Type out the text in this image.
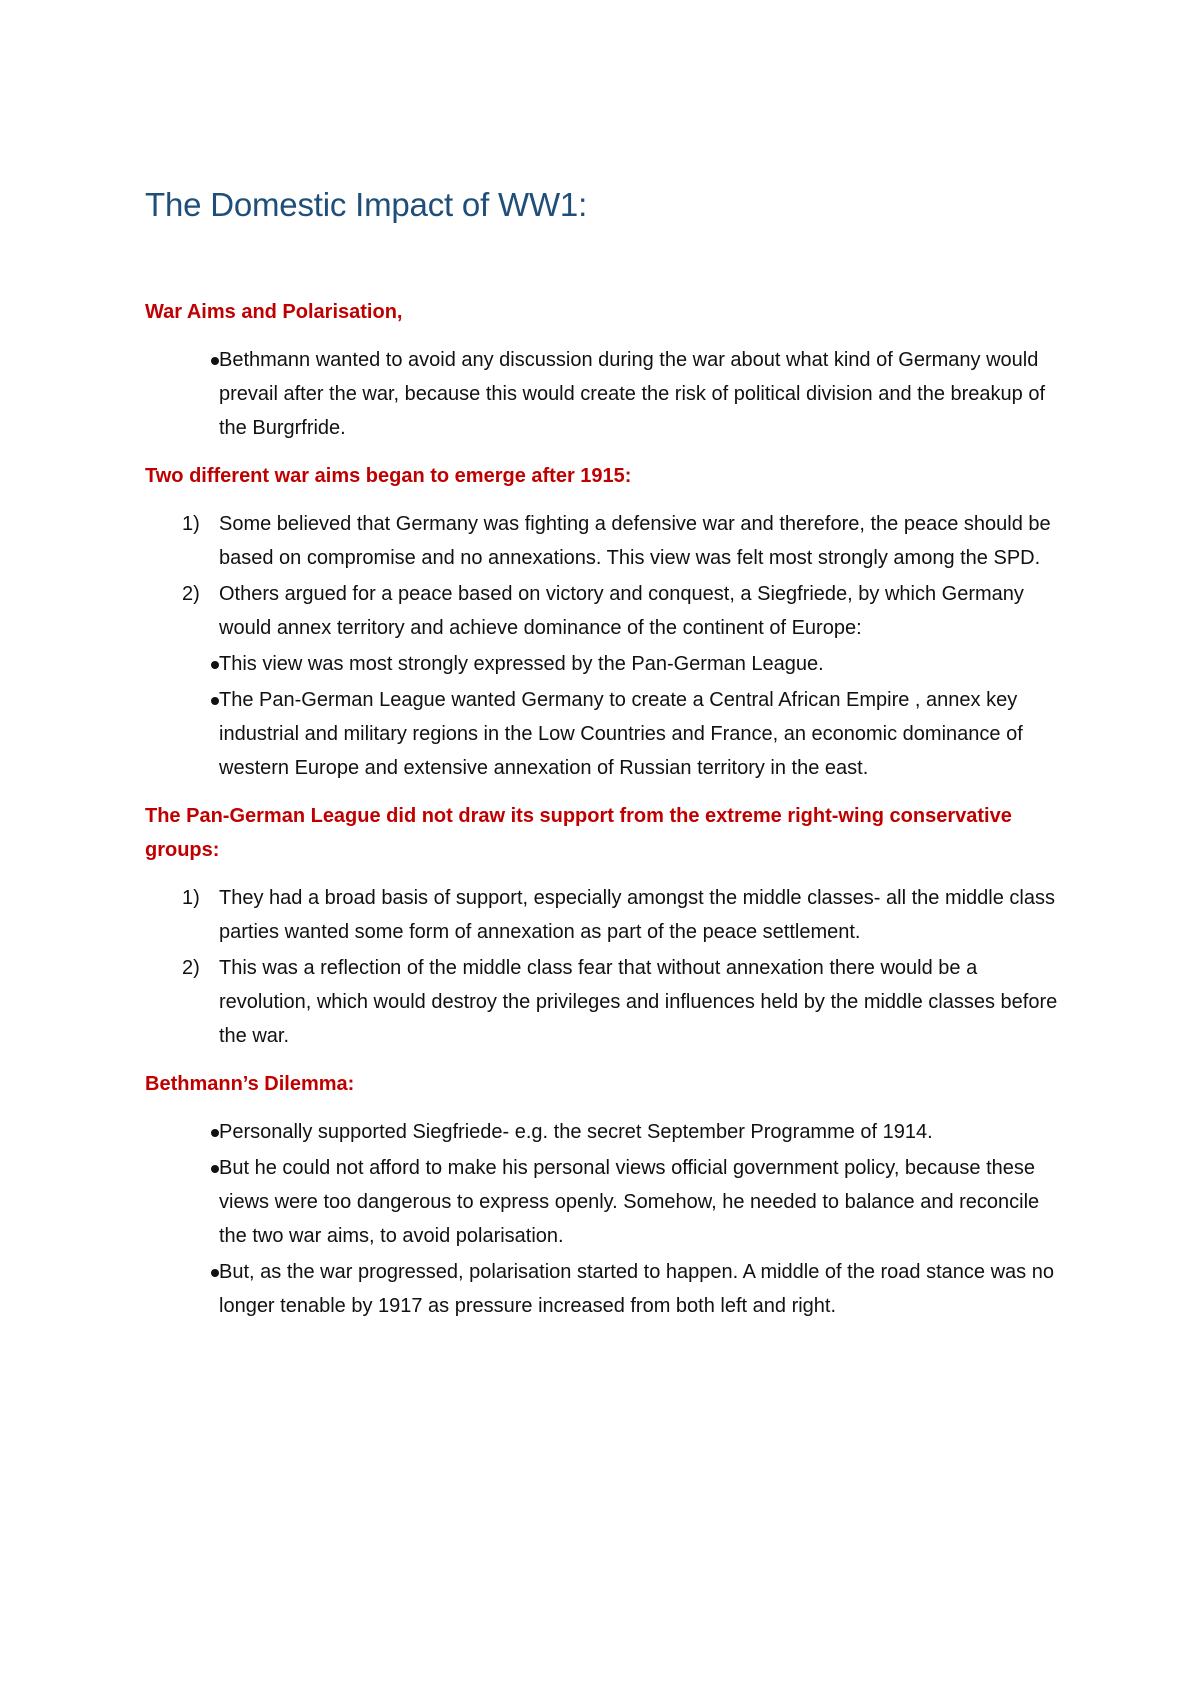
The Domestic Impact of WW1:
War Aims and Polarisation,
Bethmann wanted to avoid any discussion during the war about what kind of Germany would prevail after the war, because this would create the risk of political division and the breakup of the Burgrfride.
Two different war aims began to emerge after 1915:
1) Some believed that Germany was fighting a defensive war and therefore, the peace should be based on compromise and no annexations. This view was felt most strongly among the SPD.
2) Others argued for a peace based on victory and conquest, a Siegfriede, by which Germany would annex territory and achieve dominance of the continent of Europe:
This view was most strongly expressed by the Pan-German League.
The Pan-German League wanted Germany to create a Central African Empire , annex key industrial and military regions in the Low Countries and France, an economic dominance of western Europe and extensive annexation of Russian territory in the east.
The Pan-German League did not draw its support from the extreme right-wing conservative groups:
1) They had a broad basis of support, especially amongst the middle classes- all the middle class parties wanted some form of annexation as part of the peace settlement.
2) This was a reflection of the middle class fear that without annexation there would be a revolution, which would destroy the privileges and influences held by the middle classes before the war.
Bethmann’s Dilemma:
Personally supported Siegfriede- e.g. the secret September Programme of 1914.
But he could not afford to make his personal views official government policy, because these views were too dangerous to express openly. Somehow, he needed to balance and reconcile the two war aims, to avoid polarisation.
But, as the war progressed, polarisation started to happen. A middle of the road stance was no longer tenable by 1917 as pressure increased from both left and right.
